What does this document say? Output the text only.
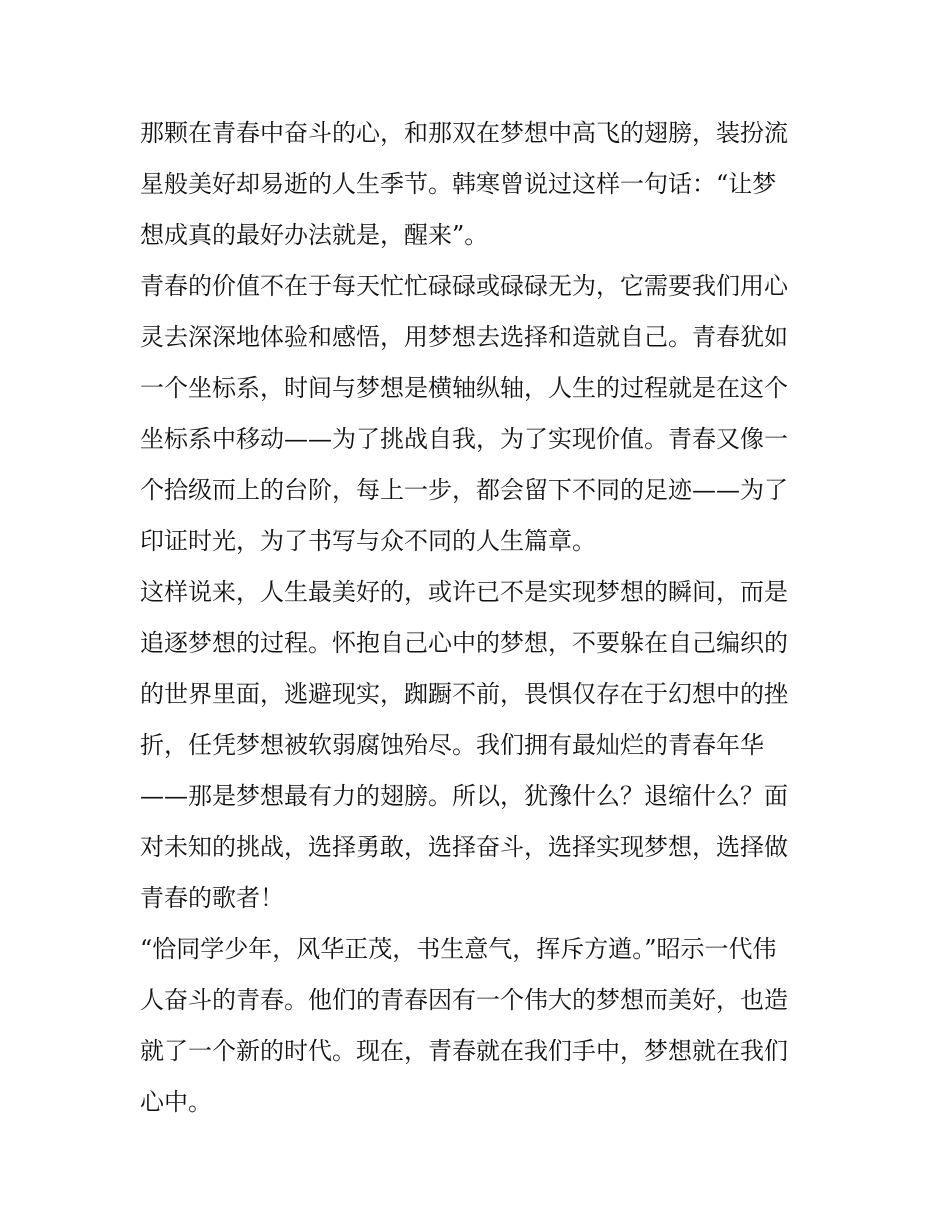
那颗在青春中奋斗的心，和那双在梦想中高飞的翅膀，装扮流
星般美好却易逝的人生季节。韩寒曾说过这样一句话：“让梦
想成真的最好办法就是，醒来”。
青春的价值不在于每天忙忙碌碌或碌碌无为，它需要我们用心
灵去深深地体验和感悟，用梦想去选择和造就自己。青春犹如
一个坐标系，时间与梦想是横轴纵轴，人生的过程就是在这个
坐标系中移动——为了挑战自我，为了实现价值。青春又像一
个拾级而上的台阶，每上一步，都会留下不同的足迹——为了
印证时光，为了书写与众不同的人生篇章。
这样说来，人生最美好的，或许已不是实现梦想的瞬间，而是
追逐梦想的过程。怀抱自己心中的梦想，不要躲在自己编织的
的世界里面，逃避现实，踟蹰不前，畏惧仅存在于幻想中的挫
折，任凭梦想被软弱腐蚀殆尽。我们拥有最灿烂的青春年华
——那是梦想最有力的翅膀。所以，犹豫什么？退缩什么？面
对未知的挑战，选择勇敢，选择奋斗，选择实现梦想，选择做
青春的歌者！
“恰同学少年，风华正茂，书生意气，挥斥方遒。”昭示一代伟
人奋斗的青春。他们的青春因有一个伟大的梦想而美好，也造
就了一个新的时代。现在，青春就在我们手中，梦想就在我们
心中。
